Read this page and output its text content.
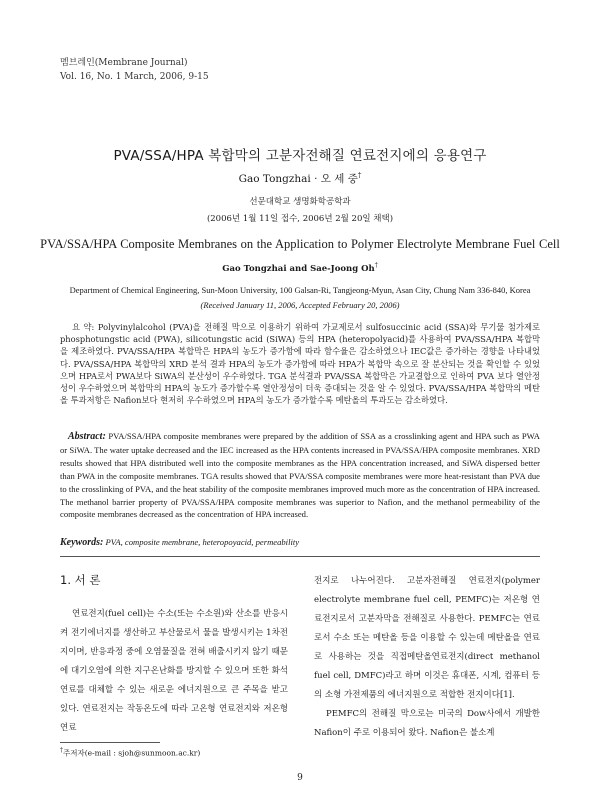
멤브레인(Membrane Journal)
Vol. 16, No. 1 March, 2006, 9-15
PVA/SSA/HPA 복합막의 고분자전해질 연료전지에의 응용연구
Gao Tongzhai · 오 세 중†
선문대학교 생명화학공학과
(2006년 1월 11일 접수, 2006년 2월 20일 채택)
PVA/SSA/HPA Composite Membranes on the Application to Polymer Electrolyte Membrane Fuel Cell
Gao Tongzhai and Sae-Joong Oh†
Department of Chemical Engineering, Sun-Moon University, 100 Galsan-Ri, Tangjeong-Myun, Asan City, Chung Nam 336-840, Korea
(Received January 11, 2006, Accepted February 20, 2006)
요 약: Polyvinylalcohol (PVA)을 전해질 막으로 이용하기 위하여 가교제로서 sulfosuccinic acid (SSA)와 무기물 첨가제로 phosphotungstic acid (PWA), silicotungstic acid (SiWA) 등의 HPA (heteropolyacid)를 사용하여 PVA/SSA/HPA 복합막을 제조하였다. PVA/SSA/HPA 복합막은 HPA의 농도가 증가함에 따라 함수율은 감소하였으나 IEC값은 증가하는 경향을 나타내었다. PVA/SSA/HPA 복합막의 XRD 분석 결과 HPA의 농도가 증가함에 따라 HPA가 복합막 속으로 잘 분산되는 것을 확인할 수 있었으며 HPA로서 PWA보다 SiWA의 분산성이 우수하였다. TGA 분석결과 PVA/SSA 복합막은 가교결합으로 인하여 PVA 보다 열안정성이 우수하였으며 복합막의 HPA의 농도가 증가할수록 열안정성이 더욱 증대되는 것을 알 수 있었다. PVA/SSA/HPA 복합막의 메탄올 투과저항은 Nafion보다 현저히 우수하였으며 HPA의 농도가 증가할수록 메탄올의 투과도는 감소하였다.
Abstract: PVA/SSA/HPA composite membranes were prepared by the addition of SSA as a crosslinking agent and HPA such as PWA or SiWA. The water uptake decreased and the IEC increased as the HPA contents increased in PVA/SSA/HPA composite membranes. XRD results showed that HPA distributed well into the composite membranes as the HPA concentration increased, and SiWA dispersed better than PWA in the composite membranes. TGA results showed that PVA/SSA composite membranes were more heat-resistant than PVA due to the crosslinking of PVA, and the heat stability of the composite membranes improved much more as the concentration of HPA increased. The methanol barrier property of PVA/SSA/HPA composite membranes was superior to Nafion, and the methanol permeability of the composite membranes decreased as the concentration of HPA increased.
Keywords: PVA, composite membrane, heteropoyacid, permeability
1. 서 론

연료전지(fuel cell)는 수소(또는 수소원)와 산소를 반응시켜 전기에너지를 생산하고 부산물로서 물을 발생시키는 1차전지이며, 반응과정 중에 오염물질을 전혀 배출시키지 않기 때문에 대기오염에 의한 지구온난화를 방지할 수 있으며 또한 화석연료를 대체할 수 있는 새로운 에너지원으로 큰 주목을 받고 있다. 연료전지는 작동온도에 따라 고온형 연료전지와 저온형 연료

전지로 나누어진다. 고분자전해질 연료전지(polymer electrolyte membrane fuel cell, PEMFC)는 저온형 연료전지로서 고분자막을 전해질로 사용한다. PEMFC는 연료로서 수소 또는 메탄올 등을 이용할 수 있는데 메탄올을 연료로 사용하는 것을 직접메탄올연료전지(direct methanol fuel cell, DMFC)라고 하며 이것은 휴대폰, 시계, 컴퓨터 등의 소형 가전제품의 에너지원으로 적합한 전지이다[1].

PEMFC의 전해질 막으로는 미국의 Dow사에서 개발한 Nafion이 주로 이용되어 왔다. Nafion은 불소계

†주저자(e-mail : sjoh@sunmoon.ac.kr)
9
